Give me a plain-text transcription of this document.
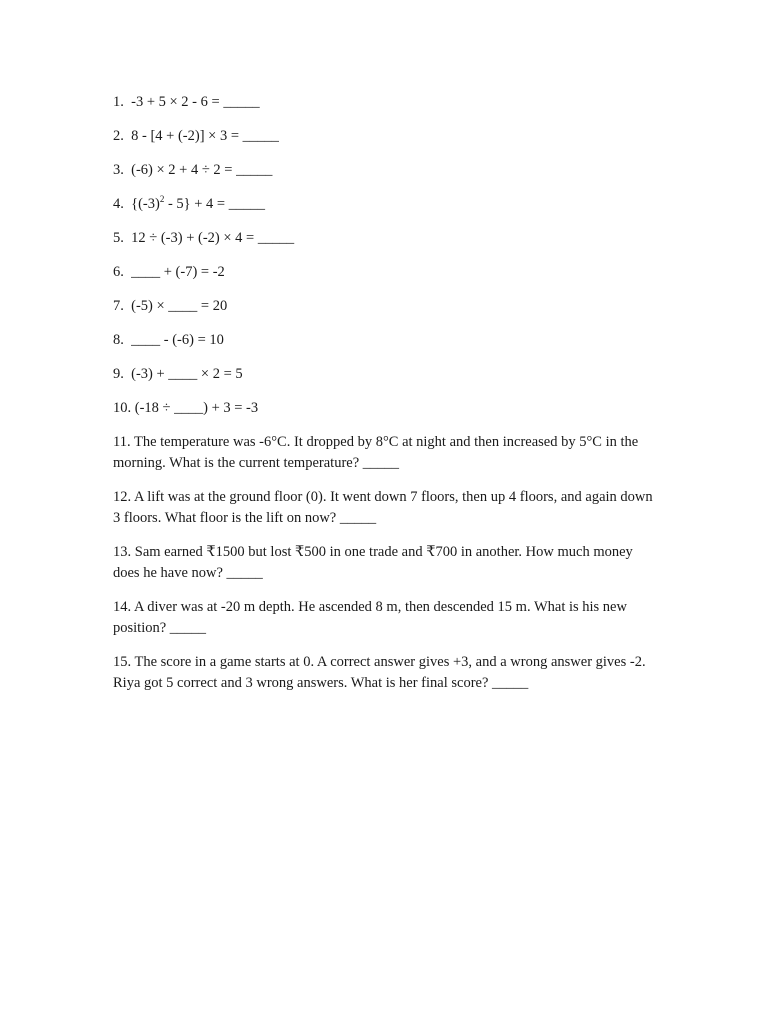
1. -3 + 5 × 2 - 6 = _____

2. 8 - [4 + (-2)] × 3 = _____

3. (-6) × 2 + 4 ÷ 2 = _____

4. $\{(-3)^2 - 5\} + 4$ = _____

5. 12 ÷ (-3) + (-2) × 4 = _____

6. ____ + (-7) = -2

7. (-5) × ____ = 20

8. ____ - (-6) = 10

9. (-3) + ____ × 2 = 5

10. (-18 ÷ ____) + 3 = -3

11. The temperature was -6°C. It dropped by 8°C at night and then increased by 5°C in the morning. What is the current temperature? _____

12. A lift was at the ground floor (0). It went down 7 floors, then up 4 floors, and again down 3 floors. What floor is the lift on now? _____

13. Sam earned ₹1500 but lost ₹500 in one trade and ₹700 in another. How much money does he have now? _____

14. A diver was at -20 m depth. He ascended 8 m, then descended 15 m. What is his new position? _____

15. The score in a game starts at 0. A correct answer gives +3, and a wrong answer gives -2. Riya got 5 correct and 3 wrong answers. What is her final score? _____
